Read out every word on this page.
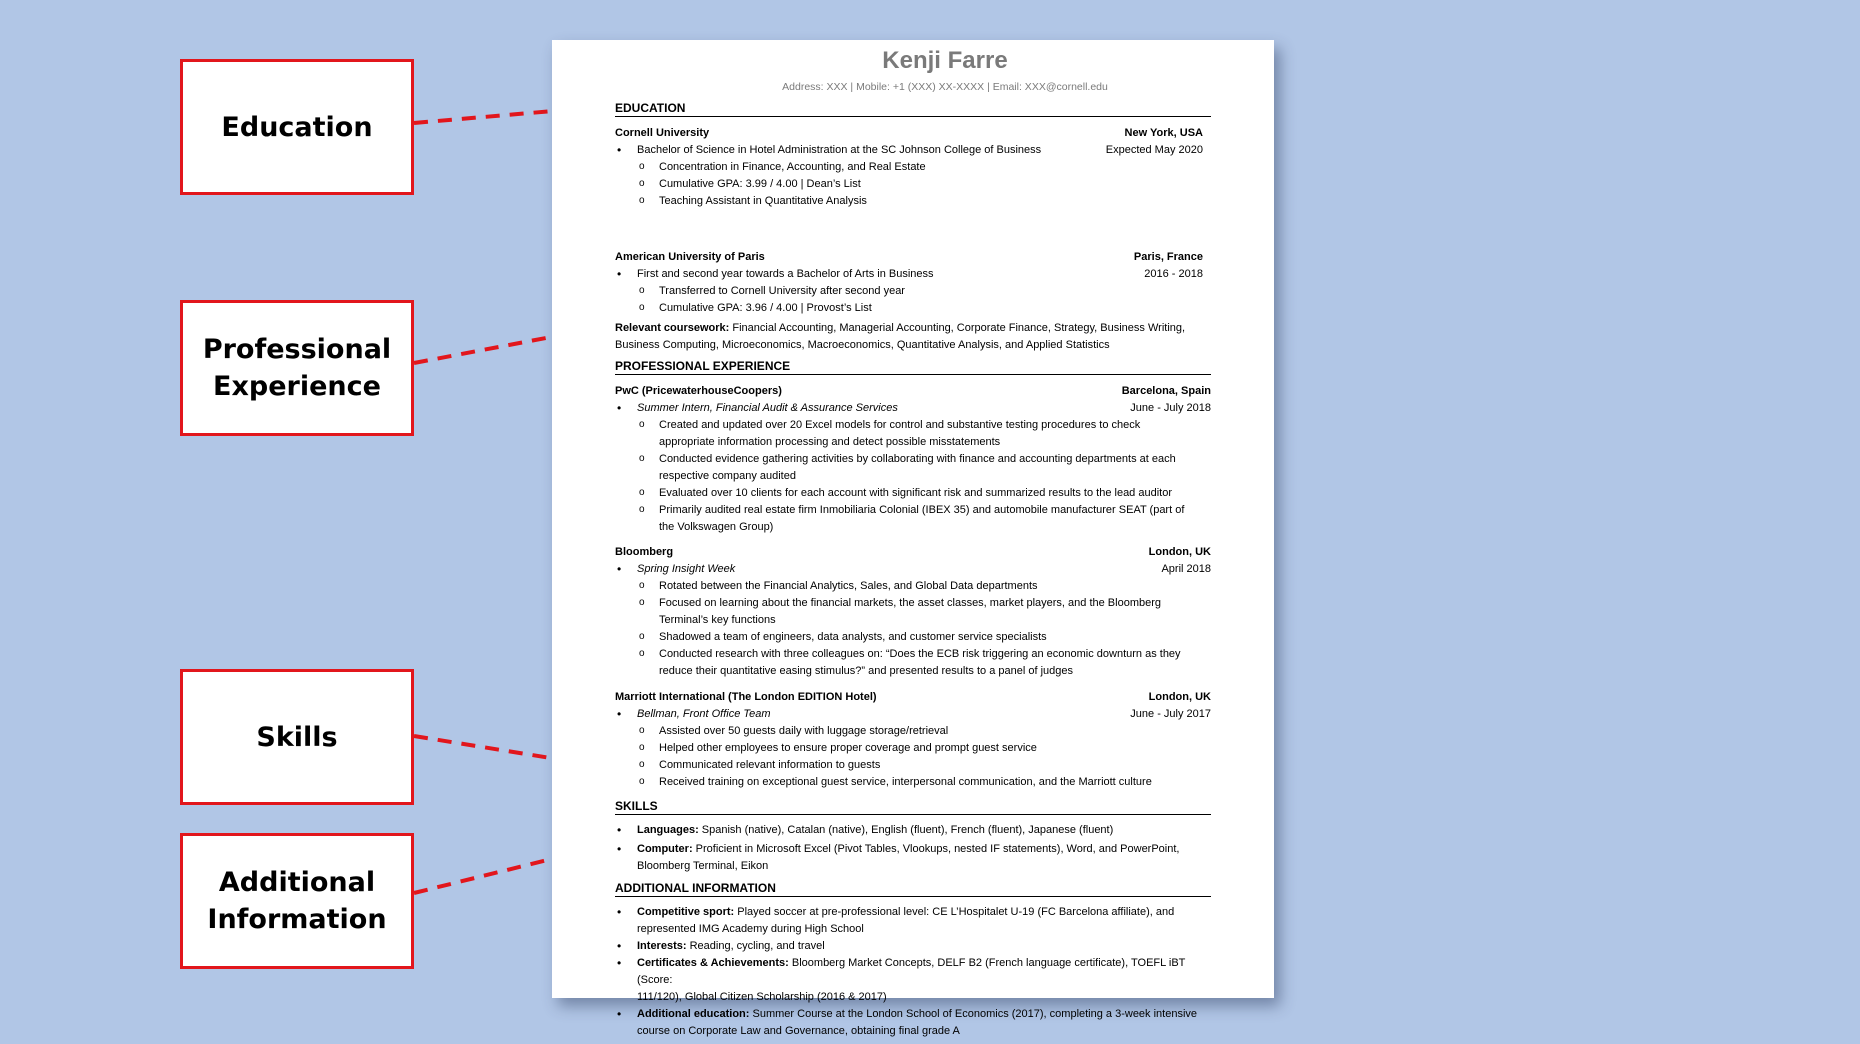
Education
Professional
Experience
Skills
Additional
Information
Kenji Farre
Address: XXX | Mobile: +1 (XXX) XX-XXXX | Email: XXX@cornell.edu
EDUCATION
Cornell University	New York, USA
• Bachelor of Science in Hotel Administration at the SC Johnson College of Business	Expected May 2020
o Concentration in Finance, Accounting, and Real Estate
o Cumulative GPA: 3.99 / 4.00 | Dean’s List
o Teaching Assistant in Quantitative Analysis
American University of Paris	Paris, France
• First and second year towards a Bachelor of Arts in Business	2016 - 2018
o Transferred to Cornell University after second year
o Cumulative GPA: 3.96 / 4.00 | Provost’s List
Relevant coursework: Financial Accounting, Managerial Accounting, Corporate Finance, Strategy, Business Writing,
Business Computing, Microeconomics, Macroeconomics, Quantitative Analysis, and Applied Statistics
PROFESSIONAL EXPERIENCE
PwC (PricewaterhouseCoopers)	Barcelona, Spain
• Summer Intern, Financial Audit & Assurance Services	June - July 2018
o Created and updated over 20 Excel models for control and substantive testing procedures to check
appropriate information processing and detect possible misstatements
o Conducted evidence gathering activities by collaborating with finance and accounting departments at each
respective company audited
o Evaluated over 10 clients for each account with significant risk and summarized results to the lead auditor
o Primarily audited real estate firm Inmobiliaria Colonial (IBEX 35) and automobile manufacturer SEAT (part of
the Volkswagen Group)
Bloomberg	London, UK
• Spring Insight Week	April 2018
o Rotated between the Financial Analytics, Sales, and Global Data departments
o Focused on learning about the financial markets, the asset classes, market players, and the Bloomberg
Terminal’s key functions
o Shadowed a team of engineers, data analysts, and customer service specialists
o Conducted research with three colleagues on: “Does the ECB risk triggering an economic downturn as they
reduce their quantitative easing stimulus?” and presented results to a panel of judges
Marriott International (The London EDITION Hotel)	London, UK
• Bellman, Front Office Team	June - July 2017
o Assisted over 50 guests daily with luggage storage/retrieval
o Helped other employees to ensure proper coverage and prompt guest service
o Communicated relevant information to guests
o Received training on exceptional guest service, interpersonal communication, and the Marriott culture
SKILLS
• Languages: Spanish (native), Catalan (native), English (fluent), French (fluent), Japanese (fluent)
• Computer: Proficient in Microsoft Excel (Pivot Tables, Vlookups, nested IF statements), Word, and PowerPoint,
Bloomberg Terminal, Eikon
ADDITIONAL INFORMATION
• Competitive sport: Played soccer at pre-professional level: CE L’Hospitalet U-19 (FC Barcelona affiliate), and
represented IMG Academy during High School
• Interests: Reading, cycling, and travel
• Certificates & Achievements: Bloomberg Market Concepts, DELF B2 (French language certificate), TOEFL iBT (Score:
111/120), Global Citizen Scholarship (2016 & 2017)
• Additional education: Summer Course at the London School of Economics (2017), completing a 3-week intensive
course on Corporate Law and Governance, obtaining final grade A
